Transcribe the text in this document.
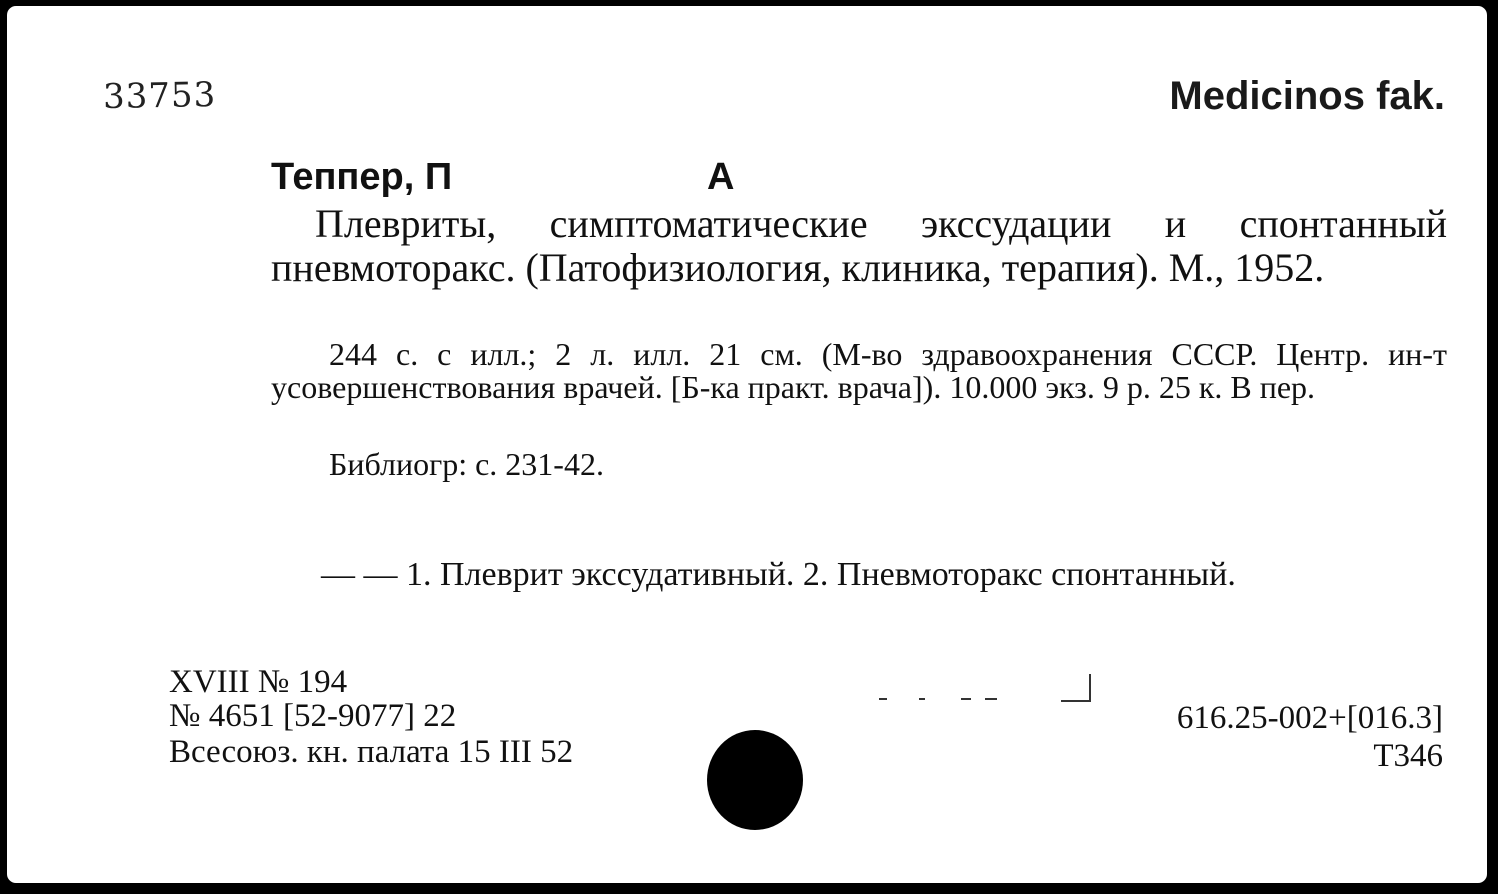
33753	Medicinos fak.
Теппер, П	А
Плевриты, симптоматические экссудации и спонтанный пневмоторакс. (Патофизиология, клиника, терапия). М., 1952.
244 с. с илл.; 2 л. илл. 21 см. (М-во здравоохранения СССР. Центр. ин-т усовершенствования врачей. [Б-ка практ. врача]). 10.000 экз. 9 р. 25 к. В пер.
Библиогр: с. 231-42.
— — 1. Плеврит экссудативный. 2. Пневмоторакс спонтанный.
XVIII № 194
№ 4651 [52-9077] 22
Всесоюз. кн. палата 15 III 52
616.25-002+[016.3]
Т346
